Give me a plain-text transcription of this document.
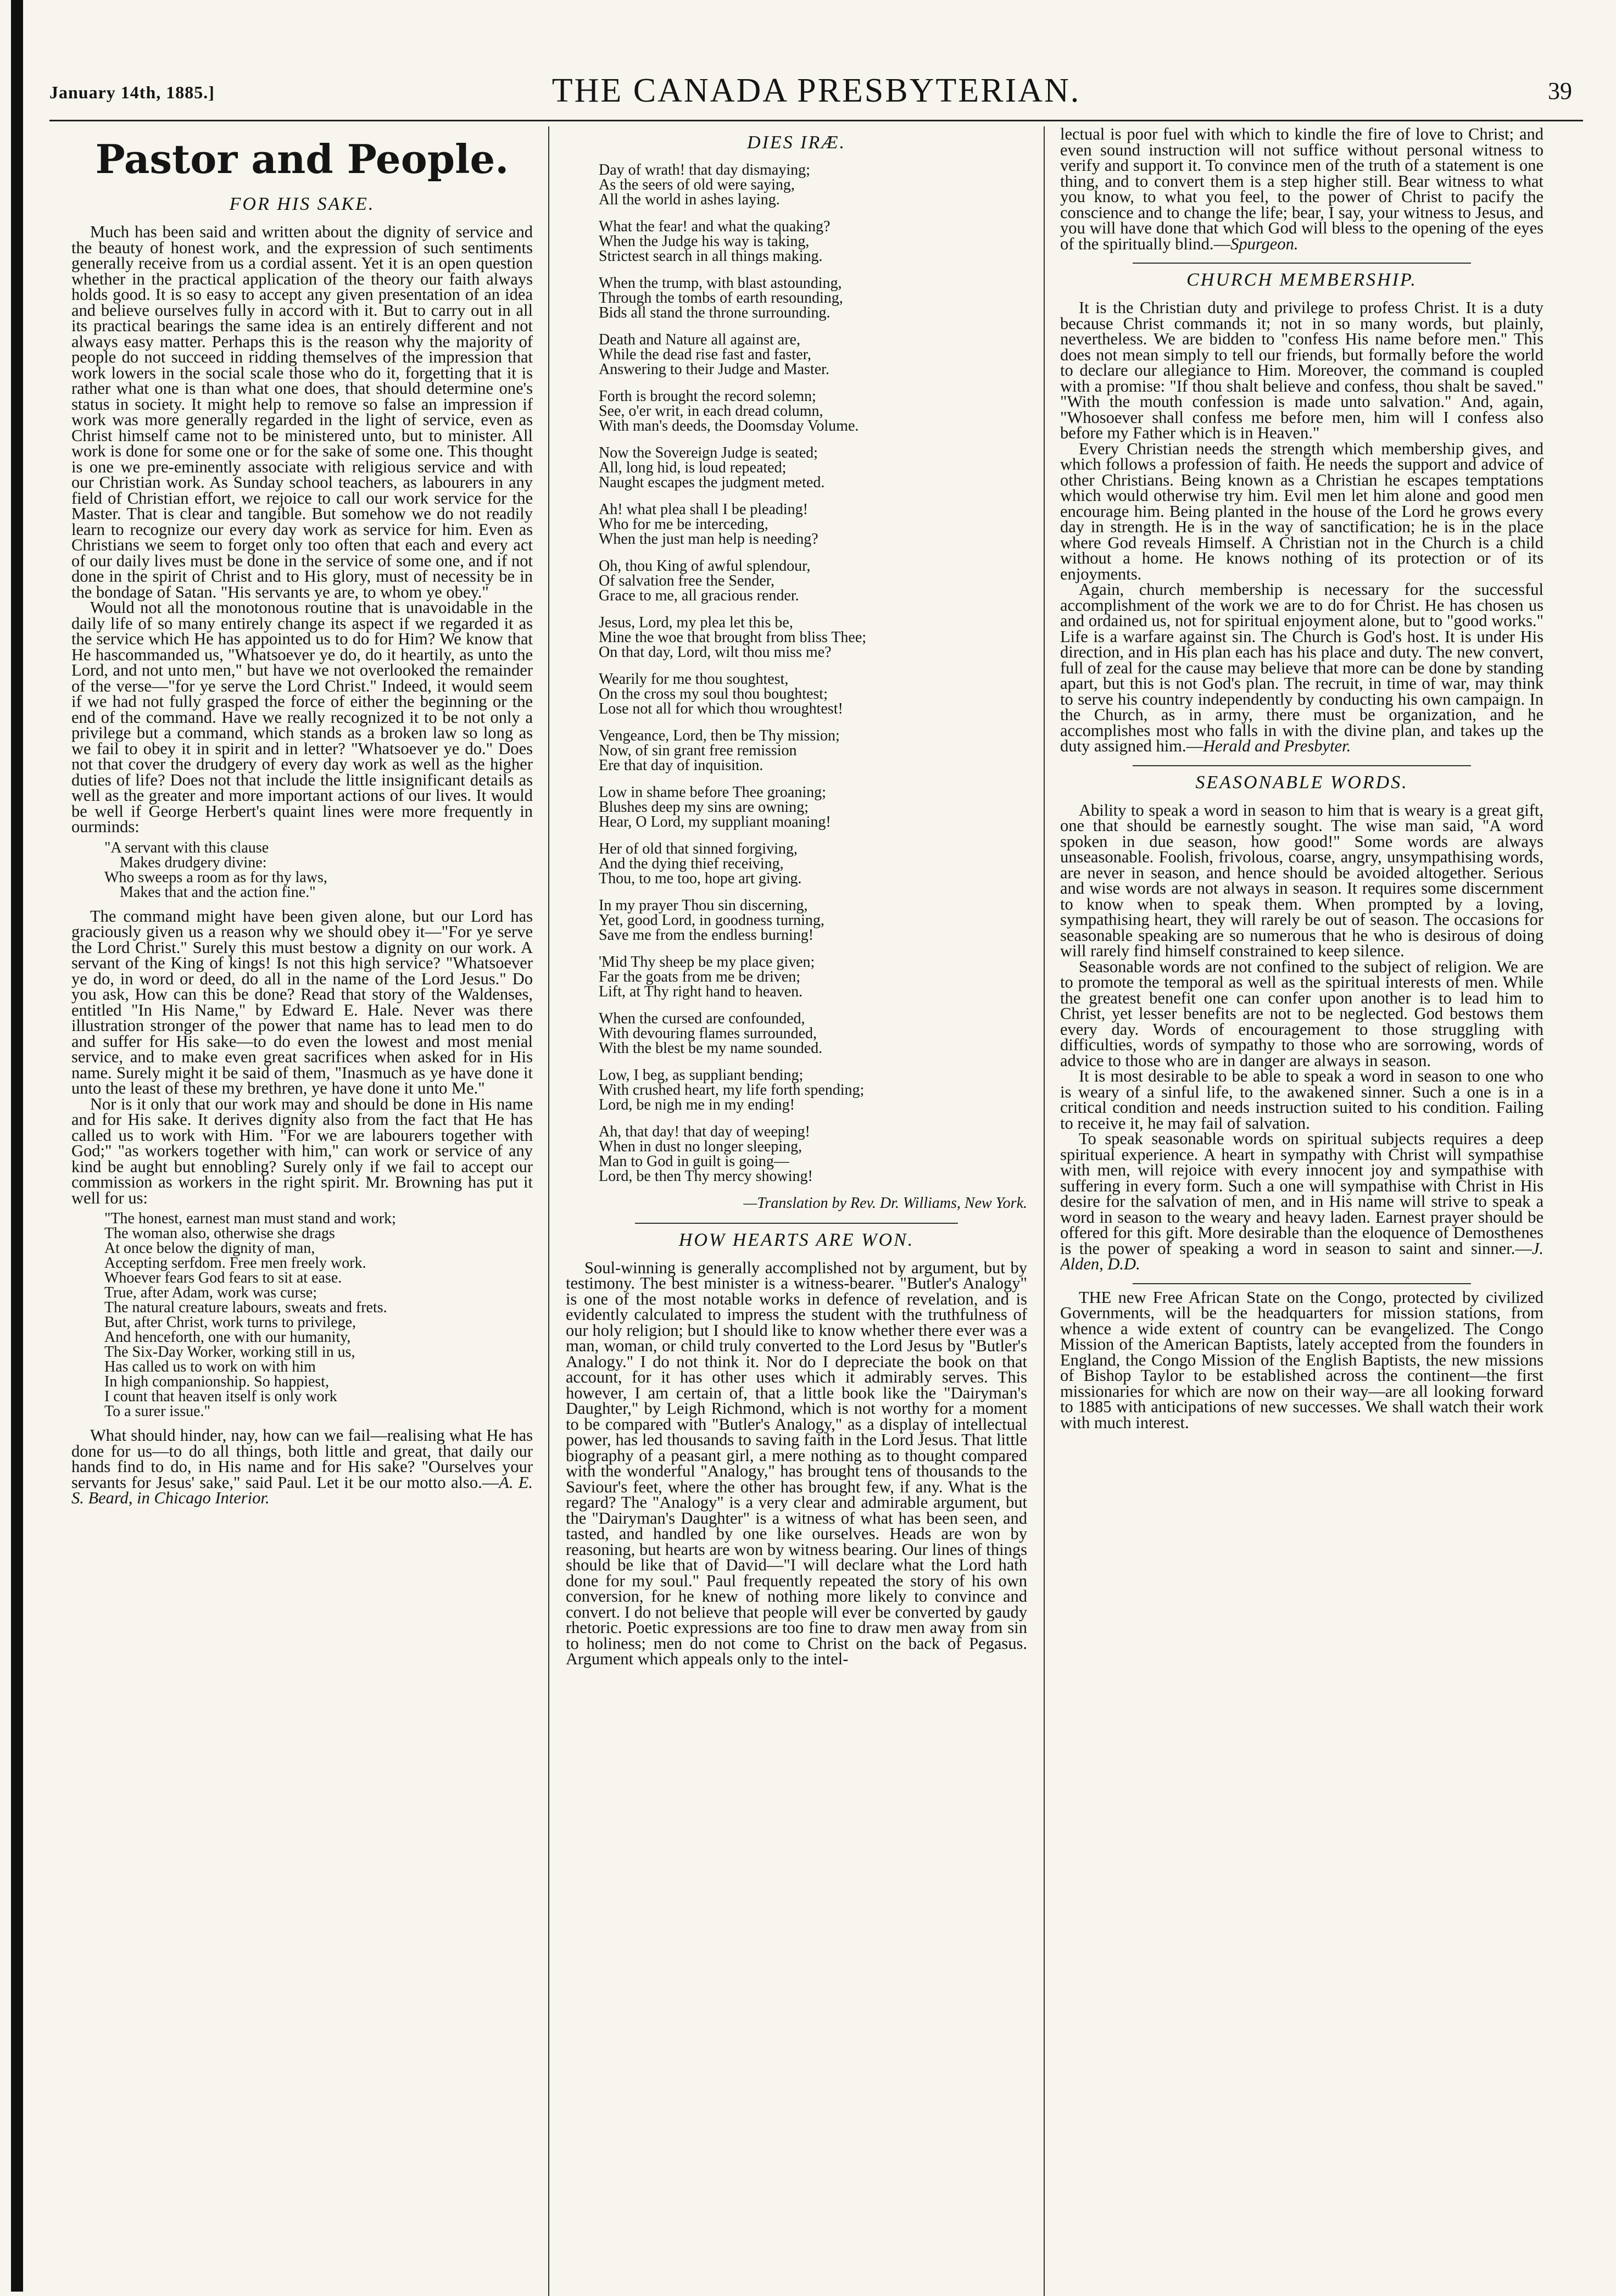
January 14th, 1885.]	THE CANADA PRESBYTERIAN.	39
Pastor and People.
FOR HIS SAKE.

Much has been said and written about the dignity of service and the beauty of honest work, and the expression of such sentiments generally receive from us a cordial assent. Yet it is an open question whether in the practical application of the theory our faith always holds good. It is so easy to accept any given presentation of an idea and believe ourselves fully in accord with it. But to carry out in all its practical bearings the same idea is an entirely different and not always easy matter. Perhaps this is the reason why the majority of people do not succeed in ridding themselves of the impression that work lowers in the social scale those who do it, forgetting that it is rather what one is than what one does, that should determine one's status in society. It might help to remove so false an impression if work was more generally regarded in the light of service, even as Christ himself came not to be ministered unto, but to minister. All work is done for some one or for the sake of some one. This thought is one we pre-eminently associate with religious service and with our Christian work. As Sunday school teachers, as labourers in any field of Christian effort, we rejoice to call our work service for the Master. That is clear and tangible. But somehow we do not readily learn to recognize our every day work as service for him. Even as Christians we seem to forget only too often that each and every act of our daily lives must be done in the service of some one, and if not done in the spirit of Christ and to His glory, must of necessity be in the bondage of Satan. "His servants ye are, to whom ye obey."

Would not all the monotonous routine that is unavoidable in the daily life of so many entirely change its aspect if we regarded it as the service which He has appointed us to do for Him? We know that He hascommanded us, "Whatsoever ye do, do it heartily, as unto the Lord, and not unto men," but have we not overlooked the remainder of the verse—"for ye serve the Lord Christ." Indeed, it would seem if we had not fully grasped the force of either the beginning or the end of the command. Have we really recognized it to be not only a privilege but a command, which stands as a broken law so long as we fail to obey it in spirit and in letter? "Whatsoever ye do." Does not that cover the drudgery of every day work as well as the higher duties of life? Does not that include the little insignificant details as well as the greater and more important actions of our lives. It would be well if George Herbert's quaint lines were more frequently in ourminds:

"A servant with this clause
Makes drudgery divine:
Who sweeps a room as for thy laws,
Makes that and the action fine."

The command might have been given alone, but our Lord has graciously given us a reason why we should obey it—"For ye serve the Lord Christ." Surely this must bestow a dignity on our work. A servant of the King of kings! Is not this high service? "Whatsoever ye do, in word or deed, do all in the name of the Lord Jesus." Do you ask, How can this be done? Read that story of the Waldenses, entitled "In His Name," by Edward E. Hale. Never was there illustration stronger of the power that name has to lead men to do and suffer for His sake—to do even the lowest and most menial service, and to make even great sacrifices when asked for in His name. Surely might it be said of them, "Inasmuch as ye have done it unto the least of these my brethren, ye have done it unto Me."

Nor is it only that our work may and should be done in His name and for His sake. It derives dignity also from the fact that He has called us to work with Him. "For we are labourers together with God;" "as workers together with him," can work or service of any kind be aught but ennobling? Surely only if we fail to accept our commission as workers in the right spirit. Mr. Browning has put it well for us:

"The honest, earnest man must stand and work;
The woman also, otherwise she drags
At once below the dignity of man,
Accepting serfdom. Free men freely work.
Whoever fears God fears to sit at ease.
True, after Adam, work was curse;
The natural creature labours, sweats and frets.
But, after Christ, work turns to privilege,
And henceforth, one with our humanity,
The Six-Day Worker, working still in us,
Has called us to work on with him
In high companionship. So happiest,
I count that heaven itself is only work
To a surer issue."

What should hinder, nay, how can we fail—realising what He has done for us—to do all things, both little and great, that daily our hands find to do, in His name and for His sake? "Ourselves your servants for Jesus' sake," said Paul. Let it be our motto also.—A. E. S. Beard, in Chicago Interior.

DIES IRÆ.
Day of wrath! that day dismaying;
As the seers of old were saying,
All the world in ashes laying.
What the fear! and what the quaking?
When the Judge his way is taking,
Strictest search in all things making.
When the trump, with blast astounding,
Through the tombs of earth resounding,
Bids all stand the throne surrounding.
Death and Nature all against are,
While the dead rise fast and faster,
Answering to their Judge and Master.
Forth is brought the record solemn;
See, o'er writ, in each dread column,
With man's deeds, the Doomsday Volume.
Now the Sovereign Judge is seated;
All, long hid, is loud repeated;
Naught escapes the judgment meted.
Ah! what plea shall I be pleading!
Who for me be interceding,
When the just man help is needing?
Oh, thou King of awful splendour,
Of salvation free the Sender,
Grace to me, all gracious render.
Jesus, Lord, my plea let this be,
Mine the woe that brought from bliss Thee;
On that day, Lord, wilt thou miss me?
Wearily for me thou soughtest,
On the cross my soul thou boughtest;
Lose not all for which thou wroughtest!
Vengeance, Lord, then be Thy mission;
Now, of sin grant free remission
Ere that day of inquisition.
Low in shame before Thee groaning;
Blushes deep my sins are owning;
Hear, O Lord, my suppliant moaning!
Her of old that sinned forgiving,
And the dying thief receiving,
Thou, to me too, hope art giving.
In my prayer Thou sin discerning,
Yet, good Lord, in goodness turning,
Save me from the endless burning!
'Mid Thy sheep be my place given;
Far the goats from me be driven;
Lift, at Thy right hand to heaven.
When the cursed are confounded,
With devouring flames surrounded,
With the blest be my name sounded.
Low, I beg, as suppliant bending;
With crushed heart, my life forth spending;
Lord, be nigh me in my ending!
Ah, that day! that day of weeping!
When in dust no longer sleeping,
Man to God in guilt is going—
Lord, be then Thy mercy showing!
—Translation by Rev. Dr. Williams, New York.
HOW HEARTS ARE WON.

Soul-winning is generally accomplished not by argument, but by testimony. The best minister is a witness-bearer. "Butler's Analogy" is one of the most notable works in defence of revelation, and is evidently calculated to impress the student with the truthfulness of our holy religion; but I should like to know whether there ever was a man, woman, or child truly converted to the Lord Jesus by "Butler's Analogy." I do not think it. Nor do I depreciate the book on that account, for it has other uses which it admirably serves. This however, I am certain of, that a little book like the "Dairyman's Daughter," by Leigh Richmond, which is not worthy for a moment to be compared with "Butler's Analogy," as a display of intellectual power, has led thousands to saving faith in the Lord Jesus. That little biography of a peasant girl, a mere nothing as to thought compared with the wonderful "Analogy," has brought tens of thousands to the Saviour's feet, where the other has brought few, if any. What is the regard? The "Analogy" is a very clear and admirable argument, but the "Dairyman's Daughter" is a witness of what has been seen, and tasted, and handled by one like ourselves. Heads are won by reasoning, but hearts are won by witness bearing. Our lines of things should be like that of David—"I will declare what the Lord hath done for my soul." Paul frequently repeated the story of his own conversion, for he knew of nothing more likely to convince and convert. I do not believe that people will ever be converted by gaudy rhetoric. Poetic expressions are too fine to draw men away from sin to holiness; men do not come to Christ on the back of Pegasus. Argument which appeals only to the intel-

lectual is poor fuel with which to kindle the fire of love to Christ; and even sound instruction will not suffice without personal witness to verify and support it. To convince men of the truth of a statement is one thing, and to convert them is a step higher still. Bear witness to what you know, to what you feel, to the power of Christ to pacify the conscience and to change the life; bear, I say, your witness to Jesus, and you will have done that which God will bless to the opening of the eyes of the spiritually blind.—Spurgeon.

CHURCH MEMBERSHIP.

It is the Christian duty and privilege to profess Christ. It is a duty because Christ commands it; not in so many words, but plainly, nevertheless. We are bidden to "confess His name before men." This does not mean simply to tell our friends, but formally before the world to declare our allegiance to Him. Moreover, the command is coupled with a promise: "If thou shalt believe and confess, thou shalt be saved." "With the mouth confession is made unto salvation." And, again, "Whosoever shall confess me before men, him will I confess also before my Father which is in Heaven."

Every Christian needs the strength which membership gives, and which follows a profession of faith. He needs the support and advice of other Christians. Being known as a Christian he escapes temptations which would otherwise try him. Evil men let him alone and good men encourage him. Being planted in the house of the Lord he grows every day in strength. He is in the way of sanctification; he is in the place where God reveals Himself. A Christian not in the Church is a child without a home. He knows nothing of its protection or of its enjoyments.

Again, church membership is necessary for the successful accomplishment of the work we are to do for Christ. He has chosen us and ordained us, not for spiritual enjoyment alone, but to "good works." Life is a warfare against sin. The Church is God's host. It is under His direction, and in His plan each has his place and duty. The new convert, full of zeal for the cause may believe that more can be done by standing apart, but this is not God's plan. The recruit, in time of war, may think to serve his country independently by conducting his own campaign. In the Church, as in army, there must be organization, and he accomplishes most who falls in with the divine plan, and takes up the duty assigned him.—Herald and Presbyter.

SEASONABLE WORDS.

Ability to speak a word in season to him that is weary is a great gift, one that should be earnestly sought. The wise man said, "A word spoken in due season, how good!" Some words are always unseasonable. Foolish, frivolous, coarse, angry, unsympathising words, are never in season, and hence should be avoided altogether. Serious and wise words are not always in season. It requires some discernment to know when to speak them. When prompted by a loving, sympathising heart, they will rarely be out of season. The occasions for seasonable speaking are so numerous that he who is desirous of doing will rarely find himself constrained to keep silence.

Seasonable words are not confined to the subject of religion. We are to promote the temporal as well as the spiritual interests of men. While the greatest benefit one can confer upon another is to lead him to Christ, yet lesser benefits are not to be neglected. God bestows them every day. Words of encouragement to those struggling with difficulties, words of sympathy to those who are sorrowing, words of advice to those who are in danger are always in season.

It is most desirable to be able to speak a word in season to one who is weary of a sinful life, to the awakened sinner. Such a one is in a critical condition and needs instruction suited to his condition. Failing to receive it, he may fail of salvation.

To speak seasonable words on spiritual subjects requires a deep spiritual experience. A heart in sympathy with Christ will sympathise with men, will rejoice with every innocent joy and sympathise with suffering in every form. Such a one will sympathise with Christ in His desire for the salvation of men, and in His name will strive to speak a word in season to the weary and heavy laden. Earnest prayer should be offered for this gift. More desirable than the eloquence of Demosthenes is the power of speaking a word in season to saint and sinner.—J. Alden, D.D.

THE new Free African State on the Congo, protected by civilized Governments, will be the headquarters for mission stations, from whence a wide extent of country can be evangelized. The Congo Mission of the American Baptists, lately accepted from the founders in England, the Congo Mission of the English Baptists, the new missions of Bishop Taylor to be established across the continent—the first missionaries for which are now on their way—are all looking forward to 1885 with anticipations of new successes. We shall watch their work with much interest.
